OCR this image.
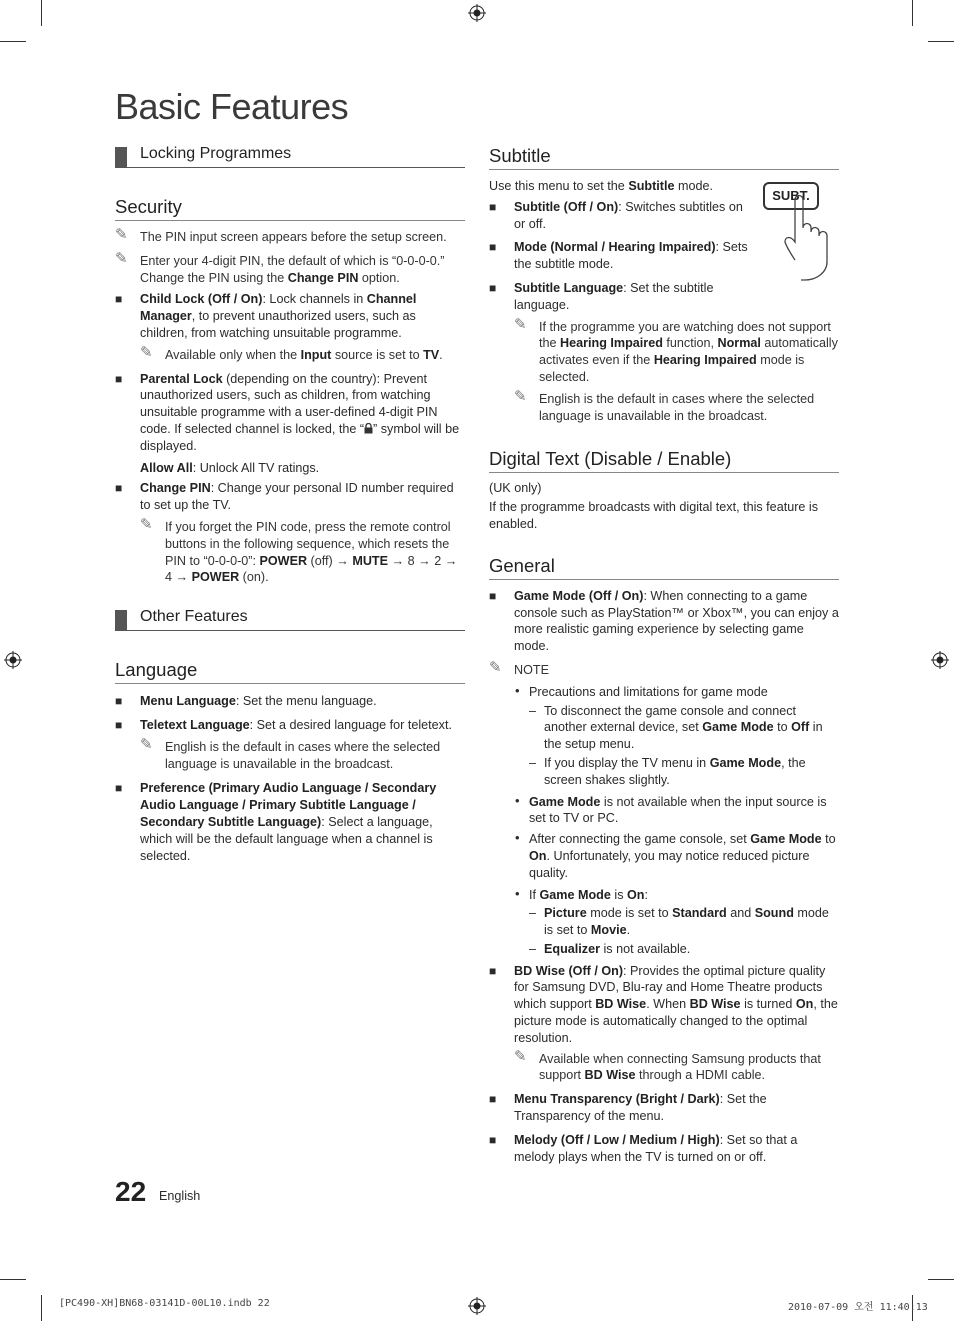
Basic Features
Locking Programmes
Security
✎ The PIN input screen appears before the setup screen.
✎ Enter your 4-digit PIN, the default of which is “0-0-0-0.” Change the PIN using the Change PIN option.
■ Child Lock (Off / On): Lock channels in Channel Manager, to prevent unauthorized users, such as children, from watching unsuitable programme.
✎ Available only when the Input source is set to TV.
■ Parental Lock (depending on the country): Prevent unauthorized users, such as children, from watching unsuitable programme with a user-defined 4-digit PIN code. If selected channel is locked, the “ ” symbol will be displayed.

Allow All: Unlock All TV ratings.

■ Change PIN: Change your personal ID number required to set up the TV.
✎ If you forget the PIN code, press the remote control buttons in the following sequence, which resets the PIN to “0-0-0-0”: POWER (off) → MUTE → 8 → 2 → 4 → POWER (on).
Other Features
Language
■ Menu Language: Set the menu language.
■ Teletext Language: Set a desired language for teletext.
✎ English is the default in cases where the selected language is unavailable in the broadcast.
■ Preference (Primary Audio Language / Secondary Audio Language / Primary Subtitle Language / Secondary Subtitle Language): Select a language, which will be the default language when a channel is selected.
Subtitle
SUBT.

Use this menu to set the Subtitle mode.

■ Subtitle (Off / On): Switches subtitles on or off.
■ Mode (Normal / Hearing Impaired): Sets the subtitle mode.
■ Subtitle Language: Set the subtitle language.
✎ If the programme you are watching does not support the Hearing Impaired function, Normal automatically activates even if the Hearing Impaired mode is selected.
✎ English is the default in cases where the selected language is unavailable in the broadcast.
Digital Text (Disable / Enable)

(UK only)

If the programme broadcasts with digital text, this feature is enabled.

General
■ Game Mode (Off / On): When connecting to a game console such as PlayStation™ or Xbox™, you can enjoy a more realistic gaming experience by selecting game mode.
✎ NOTE
• Precautions and limitations for game mode
– To disconnect the game console and connect another external device, set Game Mode to Off in the setup menu.
– If you display the TV menu in Game Mode, the screen shakes slightly.
• Game Mode is not available when the input source is set to TV or PC.
• After connecting the game console, set Game Mode to On. Unfortunately, you may notice reduced picture quality.
• If Game Mode is On:
– Picture mode is set to Standard and Sound mode is set to Movie.
– Equalizer is not available.
■ BD Wise (Off / On): Provides the optimal picture quality for Samsung DVD, Blu-ray and Home Theatre products which support BD Wise. When BD Wise is turned On, the picture mode is automatically changed to the optimal resolution.
✎ Available when connecting Samsung products that support BD Wise through a HDMI cable.
■ Menu Transparency (Bright / Dark): Set the Transparency of the menu.
■ Melody (Off / Low / Medium / High): Set so that a melody plays when the TV is turned on or off.
22 English
[PC490-XH]BN68-03141D-00L10.indb 22	2010-07-09 오전 11:40:13
